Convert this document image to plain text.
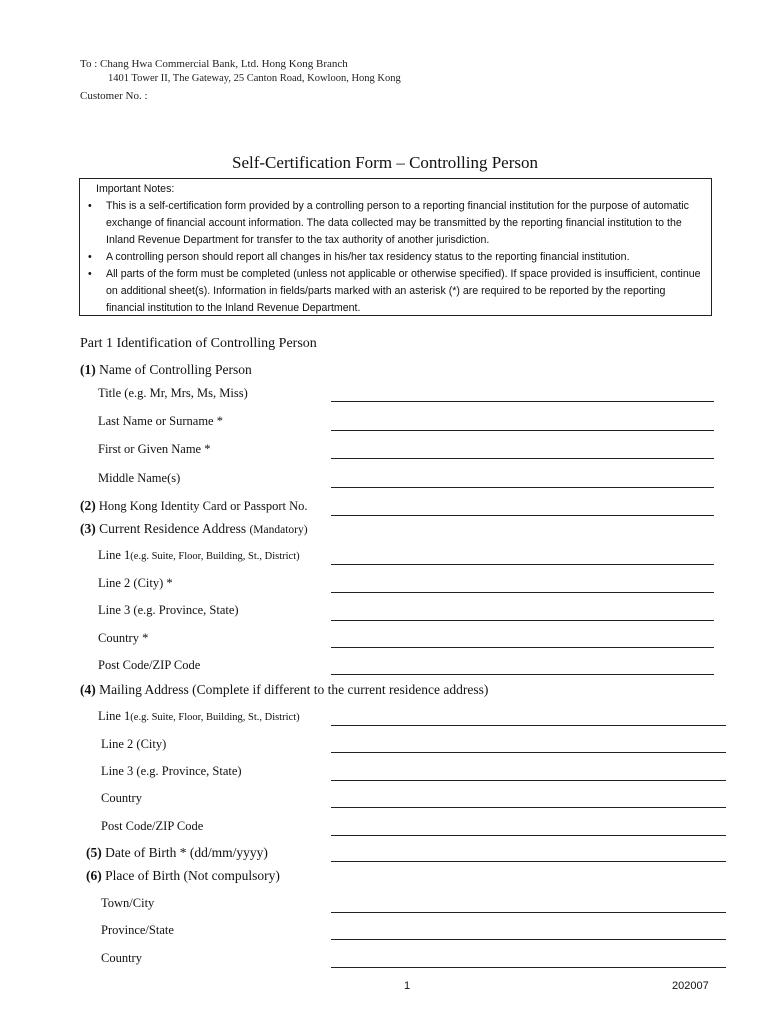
To : Chang Hwa Commercial Bank, Ltd. Hong Kong Branch
1401 Tower II, The Gateway, 25 Canton Road, Kowloon, Hong Kong
Customer No. :
Self-Certification Form – Controlling Person
Important Notes:
• This is a self-certification form provided by a controlling person to a reporting financial institution for the purpose of automatic exchange of financial account information. The data collected may be transmitted by the reporting financial institution to the Inland Revenue Department for transfer to the tax authority of another jurisdiction.
• A controlling person should report all changes in his/her tax residency status to the reporting financial institution.
• All parts of the form must be completed (unless not applicable or otherwise specified). If space provided is insufficient, continue on additional sheet(s). Information in fields/parts marked with an asterisk (*) are required to be reported by the reporting financial institution to the Inland Revenue Department.
Part 1 Identification of Controlling Person
(1) Name of Controlling Person
Title (e.g. Mr, Mrs, Ms, Miss)
Last Name or Surname *
First or Given Name *
Middle Name(s)
(2) Hong Kong Identity Card or Passport No.
(3) Current Residence Address (Mandatory)
Line 1(e.g. Suite, Floor, Building, St., District)
Line 2 (City) *
Line 3 (e.g. Province, State)
Country *
Post Code/ZIP Code
(4) Mailing Address (Complete if different to the current residence address)
Line 1(e.g. Suite, Floor, Building, St., District)
Line 2 (City)
Line 3 (e.g. Province, State)
Country
Post Code/ZIP Code
(5) Date of Birth * (dd/mm/yyyy)
(6) Place of Birth (Not compulsory)
Town/City
Province/State
Country
1	202007
